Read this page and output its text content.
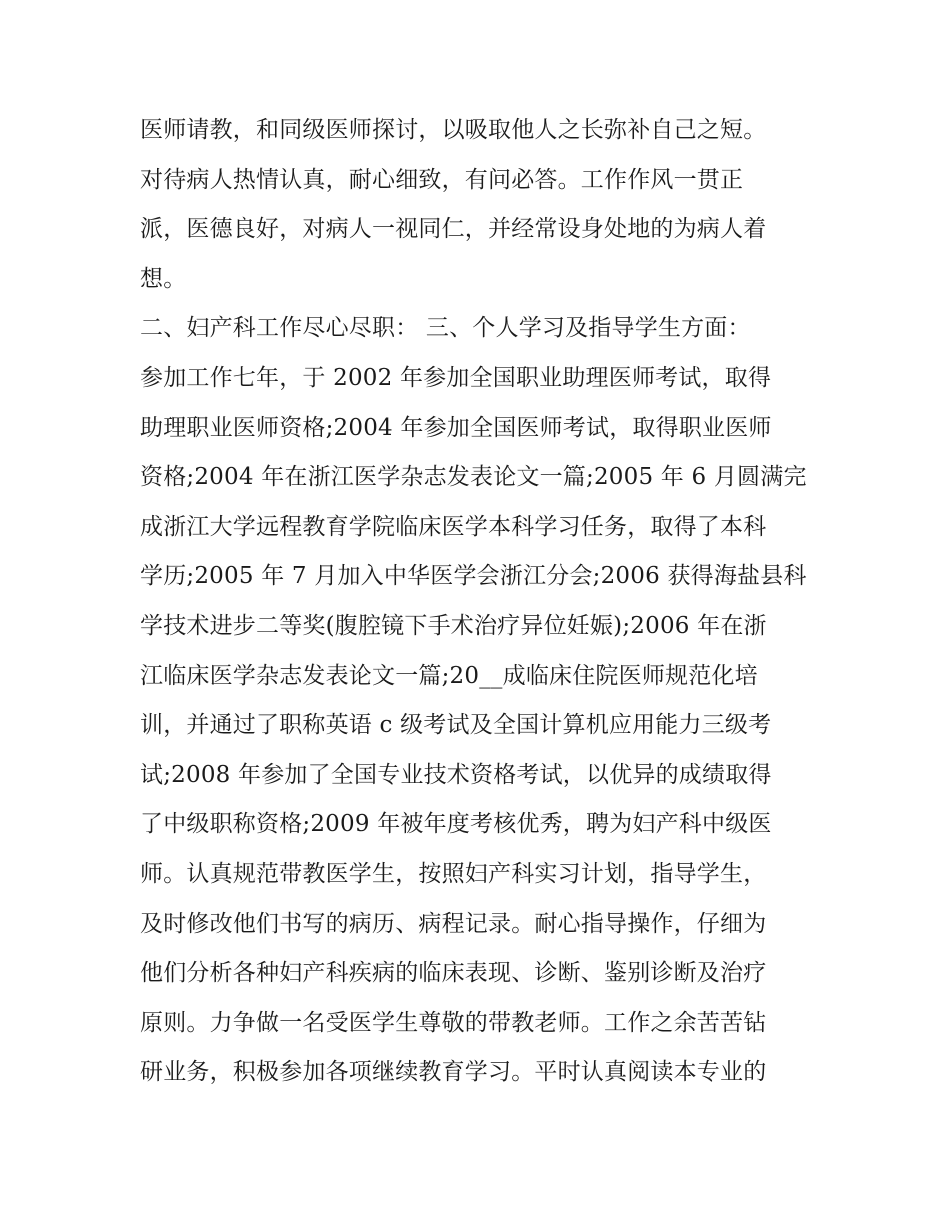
医师请教，和同级医师探讨，以吸取他人之长弥补自己之短。
对待病人热情认真，耐心细致，有问必答。工作作风一贯正
派，医德良好，对病人一视同仁，并经常设身处地的为病人着
想。
二、妇产科工作尽心尽职： 三、个人学习及指导学生方面：
参加工作七年，于 2002 年参加全国职业助理医师考试，取得
助理职业医师资格;2004 年参加全国医师考试，取得职业医师
资格;2004 年在浙江医学杂志发表论文一篇;2005 年 6 月圆满完
成浙江大学远程教育学院临床医学本科学习任务，取得了本科
学历;2005 年 7 月加入中华医学会浙江分会;2006 获得海盐县科
学技术进步二等奖(腹腔镜下手术治疗异位妊娠);2006 年在浙
江临床医学杂志发表论文一篇;20__成临床住院医师规范化培
训，并通过了职称英语 c 级考试及全国计算机应用能力三级考
试;2008 年参加了全国专业技术资格考试，以优异的成绩取得
了中级职称资格;2009 年被年度考核优秀，聘为妇产科中级医
师。认真规范带教医学生，按照妇产科实习计划，指导学生，
及时修改他们书写的病历、病程记录。耐心指导操作，仔细为
他们分析各种妇产科疾病的临床表现、诊断、鉴别诊断及治疗
原则。力争做一名受医学生尊敬的带教老师。工作之余苦苦钻
研业务，积极参加各项继续教育学习。平时认真阅读本专业的
